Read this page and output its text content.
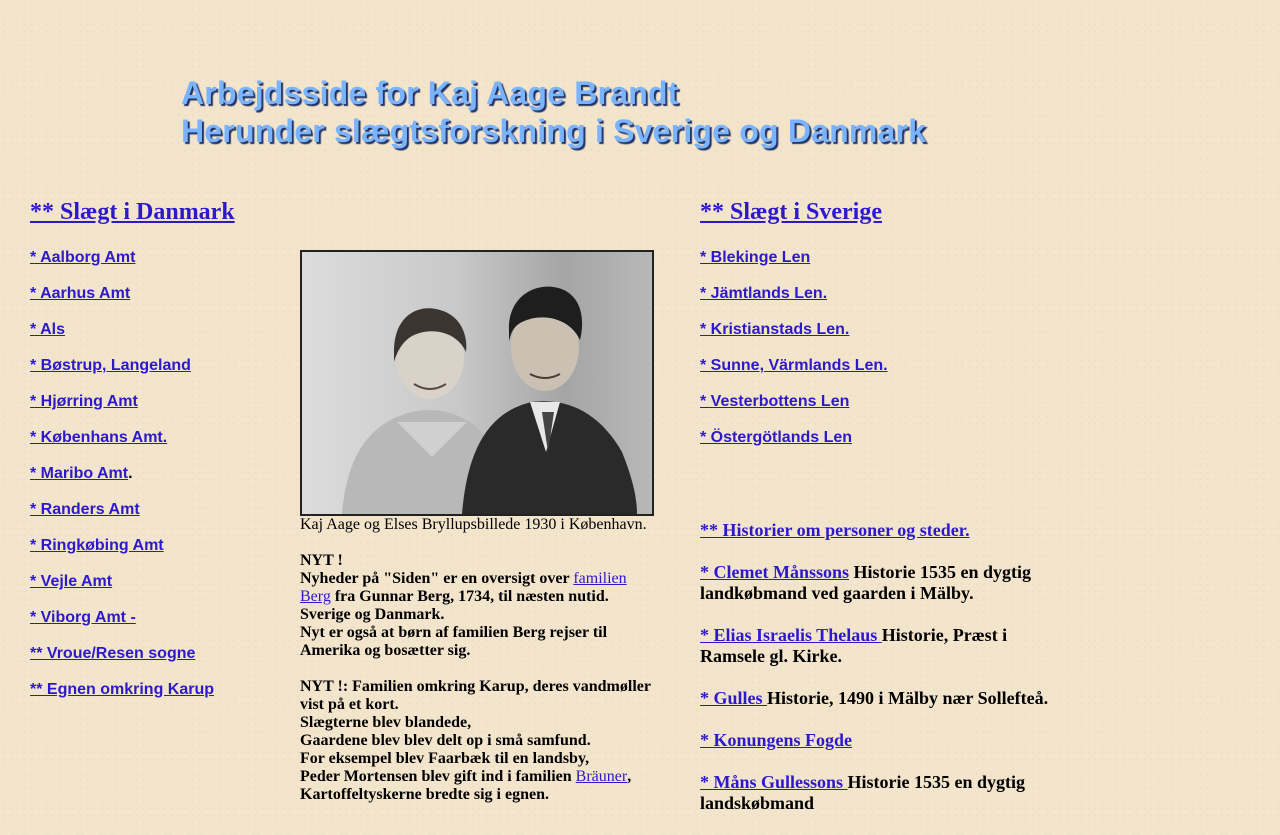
Arbejdsside for Kaj Aage Brandt
Herunder slægtsforskning i Sverige og Danmark
** Slægt i Danmark
* Aalborg Amt
* Aarhus Amt
* Als
* Bøstrup, Langeland
* Hjørring Amt
* Københans Amt.
* Maribo Amt.
* Randers Amt
* Ringkøbing Amt
* Vejle Amt
* Viborg Amt -
** Vroue/Resen sogne
** Egnen omkring Karup
Kaj Aage og Elses Bryllupsbillede 1930 i København.

NYT !

Nyheder på "Siden" er en oversigt over familien Berg fra Gunnar Berg, 1734, til næsten nutid.

Sverige og Danmark.

Nyt er også at børn af familien Berg rejser til Amerika og bosætter sig.

NYT !: Familien omkring Karup, deres vandmøller vist på et kort.

Slægterne blev blandede,

Gaardene blev blev delt op i små samfund.

For eksempel blev Faarbæk til en landsby,

Peder Mortensen blev gift ind i familien Bräuner,

Kartoffeltyskerne bredte sig i egnen.

** Slægt i Sverige
* Blekinge Len
* Jämtlands Len.
* Kristianstads Len.
* Sunne, Värmlands Len.
* Vesterbottens Len
* Östergötlands Len
** Historier om personer og steder.
* Clemet Månssons Historie 1535 en dygtig landkøbmand ved gaarden i Mälby.
* Elias Israelis Thelaus Historie, Præst i Ramsele gl. Kirke.
* Gulles Historie, 1490 i Mälby nær Sollefteå.
* Konungens Fogde
* Måns Gullessons Historie 1535 en dygtig landskøbmand
